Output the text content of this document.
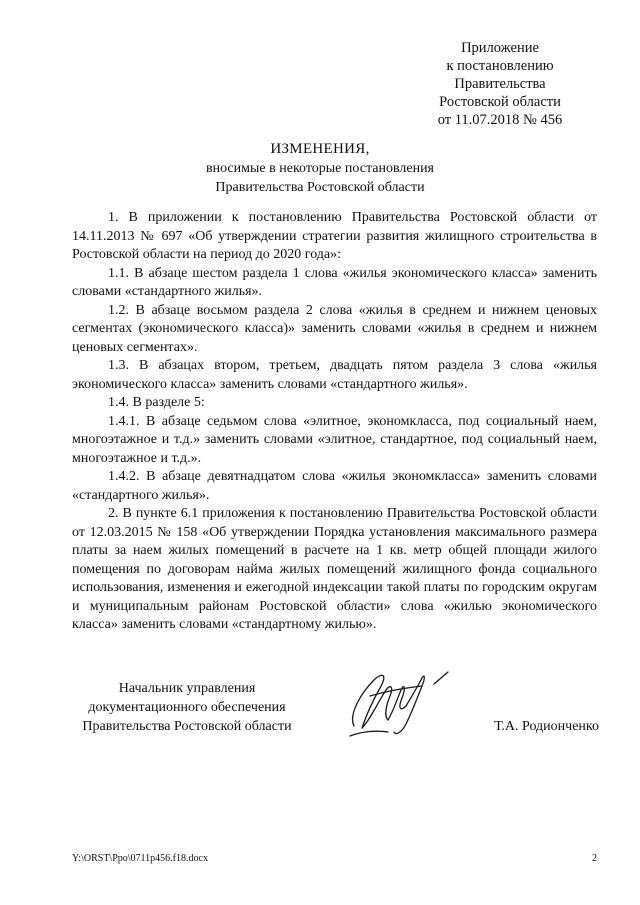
Приложение
к постановлению
Правительства
Ростовской области
от 11.07.2018 № 456
ИЗМЕНЕНИЯ,
вносимые в некоторые постановления
Правительства Ростовской области

1. В приложении к постановлению Правительства Ростовской области от 14.11.2013 № 697 «Об утверждении стратегии развития жилищного строительства в Ростовской области на период до 2020 года»:

1.1. В абзаце шестом раздела 1 слова «жилья экономического класса» заменить словами «стандартного жилья».

1.2. В абзаце восьмом раздела 2 слова «жилья в среднем и нижнем ценовых сегментах (экономического класса)» заменить словами «жилья в среднем и нижнем ценовых сегментах».

1.3. В абзацах втором, третьем, двадцать пятом раздела 3 слова «жилья экономического класса» заменить словами «стандартного жилья».

1.4. В разделе 5:

1.4.1. В абзаце седьмом слова «элитное, экономкласса, под социальный наем, многоэтажное и т.д.» заменить словами «элитное, стандартное, под социальный наем, многоэтажное и т.д.».

1.4.2. В абзаце девятнадцатом слова «жилья экономкласса» заменить словами «стандартного жилья».

2. В пункте 6.1 приложения к постановлению Правительства Ростовской области от 12.03.2015 № 158 «Об утверждении Порядка установления максимального размера платы за наем жилых помещений в расчете на 1 кв. метр общей площади жилого помещения по договорам найма жилых помещений жилищного фонда социального использования, изменения и ежегодной индексации такой платы по городским округам и муниципальным районам Ростовской области» слова «жилью экономического класса» заменить словами «стандартному жилью».

Начальник управления
документационного обеспечения
Правительства Ростовской области	Т.А. Родионченко
Y:\ORST\Ppo\0711p456.f18.docx	2
